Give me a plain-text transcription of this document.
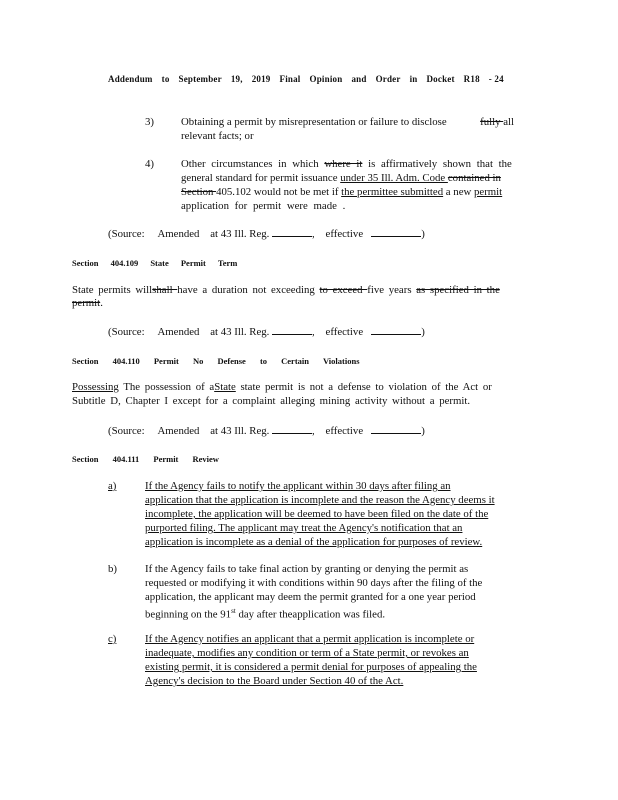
Addendum to September 19, 2019 Final Opinion and Order in Docket R18 - 24
3)	Obtaining a permit by misrepresentation or failure to disclose	fully all
relevant facts; or
4)	Other circumstances in which where it is affirmatively shown that the
general standard for permit issuance under 35 Ill. Adm. Code contained in
Section 405.102 would not be met if the permittee submitted a new permit
application for permit were made .
(Source: Amended at 43 Ill. Reg.	, effective	)
Section 404.109 State Permit Term
State permits willshall have a duration not exceeding to exceed five years as specified in the
permit.
(Source: Amended at 43 Ill. Reg.	, effective	)
Section 404.110 Permit No Defense to Certain Violations
Possessing The possession of aState state permit is not a defense to violation of the Act or
Subtitle D, Chapter I except for a complaint alleging mining activity without a permit.
(Source: Amended at 43 Ill. Reg.	, effective	)
Section 404.111 Permit Review
a)	If the Agency fails to notify the applicant within 30 days after filing an
application that the application is incomplete and the reason the Agency deems it
incomplete, the application will be deemed to have been filed on the date of the
purported filing. The applicant may treat the Agency's notification that an
application is incomplete as a denial of the application for purposes of review.
b)	If the Agency fails to take final action by granting or denying the permit as
requested or modifying it with conditions within 90 days after the filing of the
application, the applicant may deem the permit granted for a one year period
beginning on the 91st day after theapplication was filed.
c)	If the Agency notifies an applicant that a permit application is incomplete or
inadequate, modifies any condition or term of a State permit, or revokes an
existing permit, it is considered a permit denial for purposes of appealing the
Agency's decision to the Board under Section 40 of the Act.
